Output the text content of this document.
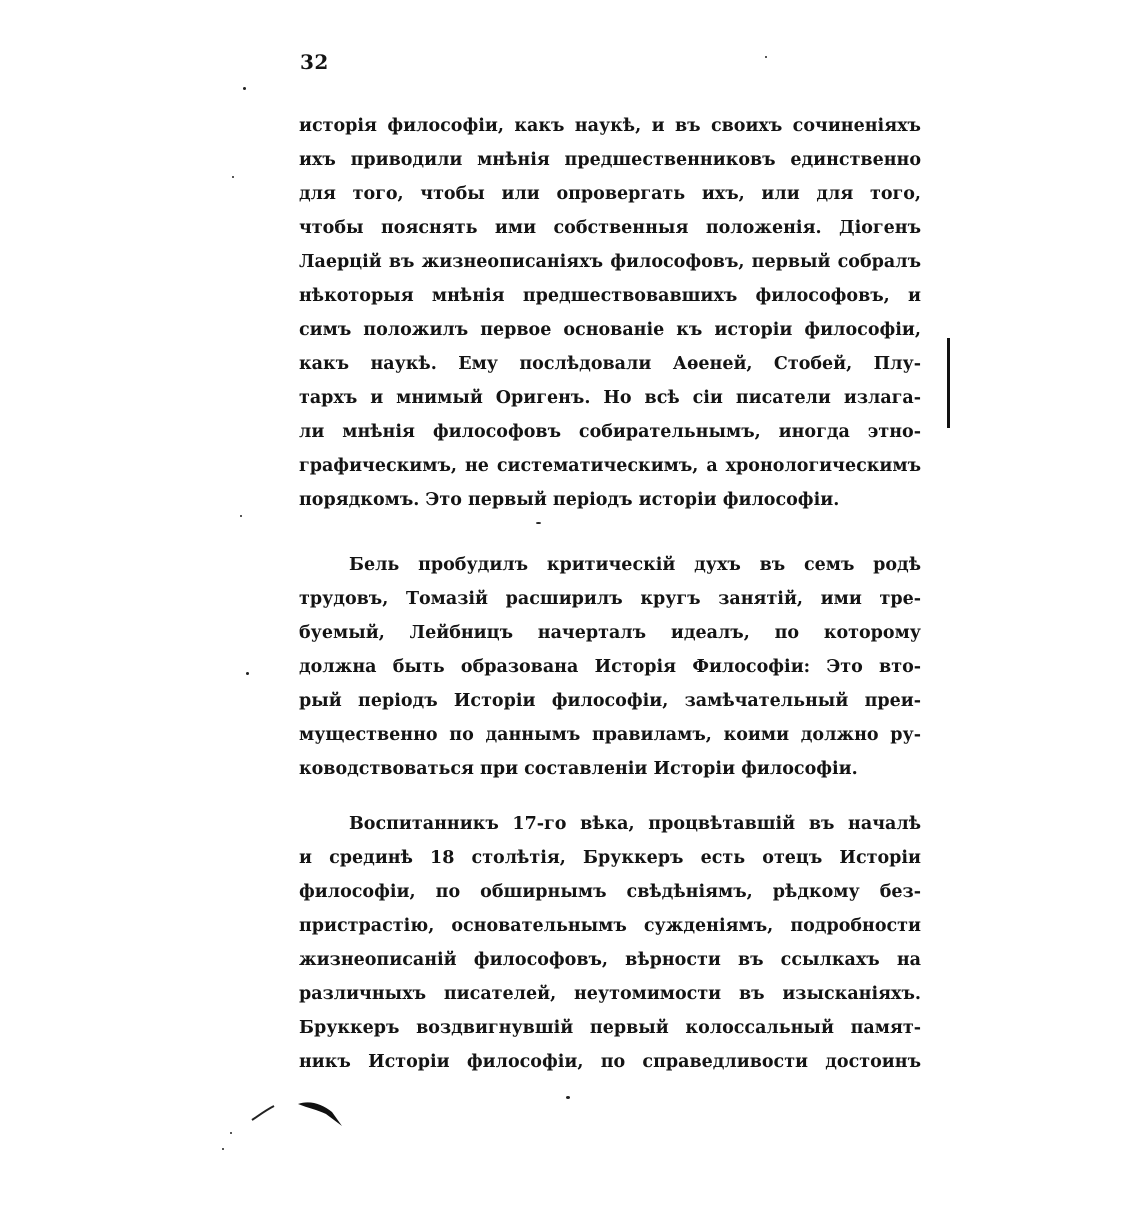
32
исторія философіи, какъ наукѣ, и въ своихъ сочиненіяхъ
ихъ приводили мнѣнія предшественниковъ единственно
для того, чтобы или опровергать ихъ, или для того,
чтобы пояснять ими собственныя положенія. Діогенъ
Лаерцій въ жизнеописаніяхъ философовъ, первый собралъ
нѣкоторыя мнѣнія предшествовавшихъ философовъ, и
симъ положилъ первое основаніе къ исторіи философіи,
какъ наукѣ. Ему послѣдовали Аѳеней, Стобей, Плу-
тархъ и мнимый Оригенъ. Но всѣ сіи писатели излага-
ли мнѣнія философовъ собирательнымъ, иногда этно-
графическимъ, не систематическимъ, а хронологическимъ
порядкомъ. Это первый періодъ исторіи философіи.
Бель пробудилъ критическій духъ въ семъ родѣ
трудовъ, Томазій расширилъ кругъ занятій, ими тре-
буемый, Лейбницъ начерталъ идеалъ, по которому
должна быть образована Исторія Философіи: Это вто-
рый періодъ Исторіи философіи, замѣчательный преи-
мущественно по даннымъ правиламъ, коими должно ру-
ководствоваться при составленіи Исторіи философіи.
Воспитанникъ 17-го вѣка, процвѣтавшій въ началѣ
и срединѣ 18 столѣтія, Бруккеръ есть отецъ Исторіи
философіи, по обширнымъ свѣдѣніямъ, рѣдкому без-
пристрастію, основательнымъ сужденіямъ, подробности
жизнеописаній философовъ, вѣрности въ ссылкахъ на
различныхъ писателей, неутомимости въ изысканіяхъ.
Бруккеръ воздвигнувшій первый колоссальный памят-
никъ Исторіи философіи, по справедливости достоинъ
